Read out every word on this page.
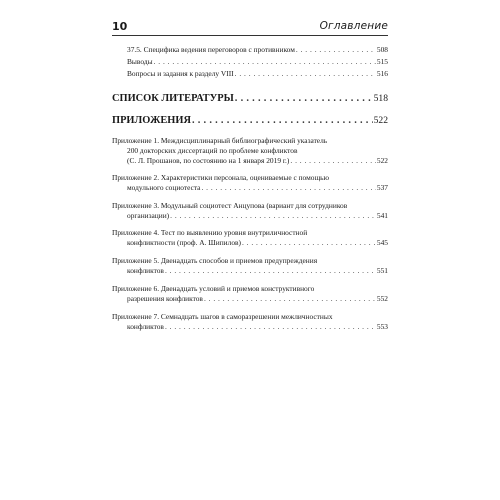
10	Оглавление
37.5. Специфика ведения переговоров с противником . . .	508
Выводы . . .	515
Вопросы и задания к разделу VIII . . .	516
СПИСОК ЛИТЕРАТУРЫ . . .	518
ПРИЛОЖЕНИЯ . . .	522
Приложение 1. Междисциплинарный библиографический указатель
200 докторских диссертаций по проблеме конфликтов
(С. Л. Прошанов, по состоянию на 1 января 2019 г.) . . .	522
Приложение 2. Характеристики персонала, оцениваемые с помощью
модульного социотеста . . .	537
Приложение 3. Модульный социотест Анцупова (вариант для сотрудников
организации) . . .	541
Приложение 4. Тест по выявлению уровня внутриличностной
конфликтности (проф. А. Шипилов) . . .	545
Приложение 5. Двенадцать способов и приемов предупреждения
конфликтов . . .	551
Приложение 6. Двенадцать условий и приемов конструктивного
разрешения конфликтов . . .	552
Приложение 7. Семнадцать шагов в саморазрешении межличностных
конфликтов . . .	553
